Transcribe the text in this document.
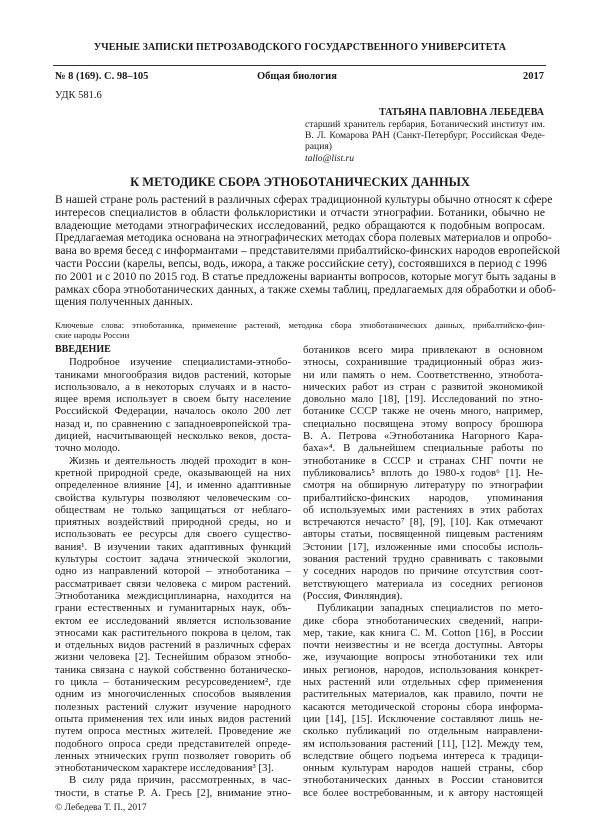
УЧЕНЫЕ ЗАПИСКИ ПЕТРОЗАВОДСКОГО ГОСУДАРСТВЕННОГО УНИВЕРСИТЕТА
№ 8 (169). С. 98–105	Общая биология	2017
УДК 581.6
ТАТЬЯНА ПАВЛОВНА ЛЕБЕДЕВА
старший хранитель гербария, Ботанический институт им.
В. Л. Комарова РАН (Санкт-Петербург, Российская Феде-
рация)
tallo@list.ru
К МЕТОДИКЕ СБОРА ЭТНОБОТАНИЧЕСКИХ ДАННЫХ
В нашей стране роль растений в различных сферах традиционной культуры обычно относят к сфере
интересов специалистов в области фольклористики и отчасти этнографии. Ботаники, обычно не
владеющие методами этнографических исследований, редко обращаются к подобным вопросам.
Предлагаемая методика основана на этнографических методах сбора полевых материалов и опробо-
вана во время бесед с информантами – представителями прибалтийско-финских народов европейской
части России (карелы, вепсы, водь, ижора, а также российские сету), состоявшихся в период с 1996
по 2001 и с 2010 по 2015 год. В статье предложены варианты вопросов, которые могут быть заданы в
рамках сбора этноботанических данных, а также схемы таблиц, предлагаемых для обработки и обоб-
щения полученных данных.
Ключевые слова: этноботаника, применение растений, методика сбора этноботанических данных, прибалтийско-фин-
ские народы России
ВВЕДЕНИЕ
Подробное изучение специалистами-этнобо-
таниками многообразия видов растений, которые
использовало, а в некоторых случаях и в насто-
ящее время использует в своем быту население
Российской Федерации, началось около 200 лет
назад и, по сравнению с западноевропейской тра-
дицией, насчитывающей несколько веков, доста-
точно молодо.
Жизнь и деятельность людей проходит в кон-
кретной природной среде, оказывающей на них
определенное влияние [4], и именно адаптивные
свойства культуры позволяют человеческим со-
обществам не только защищаться от неблаго-
приятных воздействий природной среды, но и
использовать ее ресурсы для своего существо-
вания¹. В изучении таких адаптивных функций
культуры состоит задача этнической экологии,
одно из направлений которой – этноботаника –
рассматривает связи человека с миром растений.
Этноботаника междисциплинарна, находится на
грани естественных и гуманитарных наук, объ-
ектом ее исследований является использование
этносами как растительного покрова в целом, так
и отдельных видов растений в различных сферах
жизни человека [2]. Теснейшим образом этнобо-
таника связана с наукой собственно ботаническо-
го цикла – ботаническим ресурсоведением², где
одним из многочисленных способов выявления
полезных растений служит изучение народного
опыта применения тех или иных видов растений
путем опроса местных жителей. Проведение же
подобного опроса среди представителей опреде-
ленных этнических групп позволяет говорить об
этноботаническом характере исследования³ [3].
В силу ряда причин, рассмотренных, в час-
тности, в статье Р. А. Гресь [2], внимание этно-
ботаников всего мира привлекают в основном
этносы, сохранившие традиционный образ жиз-
ни или память о нем. Соответственно, этнобота-
нических работ из стран с развитой экономикой
довольно мало [18], [19]. Исследований по этно-
ботанике СССР также не очень много, например,
специально посвящена этому вопросу брошюра
В. А. Петрова «Этноботаника Нагорного Кара-
баха»⁴. В дальнейшем специальные работы по
этноботанике в СССР и странах СНГ почти не
публиковались⁵ вплоть до 1980-х годов⁶ [1]. Не-
смотря на обширную литературу по этнографии
прибалтийско-финских народов, упоминания
об используемых ими растениях в этих работах
встречаются нечасто⁷ [8], [9], [10]. Как отмечают
авторы статьи, посвященной пищевым растениям
Эстонии [17], изложенные ими способы исполь-
зования растений трудно сравнивать с таковыми
у соседних народов по причине отсутствия соот-
ветствующего материала из соседних регионов
(Россия, Финляндия).
Публикации западных специалистов по мето-
дике сбора этноботанических сведений, напри-
мер, такие, как книга C. M. Cotton [16], в России
почти неизвестны и не всегда доступны. Авторы
же, изучающие вопросы этноботаники тех или
иных регионов, народов, использования конкрет-
ных растений или отдельных сфер применения
растительных материалов, как правило, почти не
касаются методической стороны сбора информа-
ции [14], [15]. Исключение составляют лишь не-
сколько публикаций по отдельным направлени-
ям использования растений [11], [12]. Между тем,
вследствие общего подъема интереса к традици-
онным культурам народов нашей страны, сбор
этноботанических данных в России становится
все более востребованным, и к автору настоящей
© Лебедева Т. П., 2017
